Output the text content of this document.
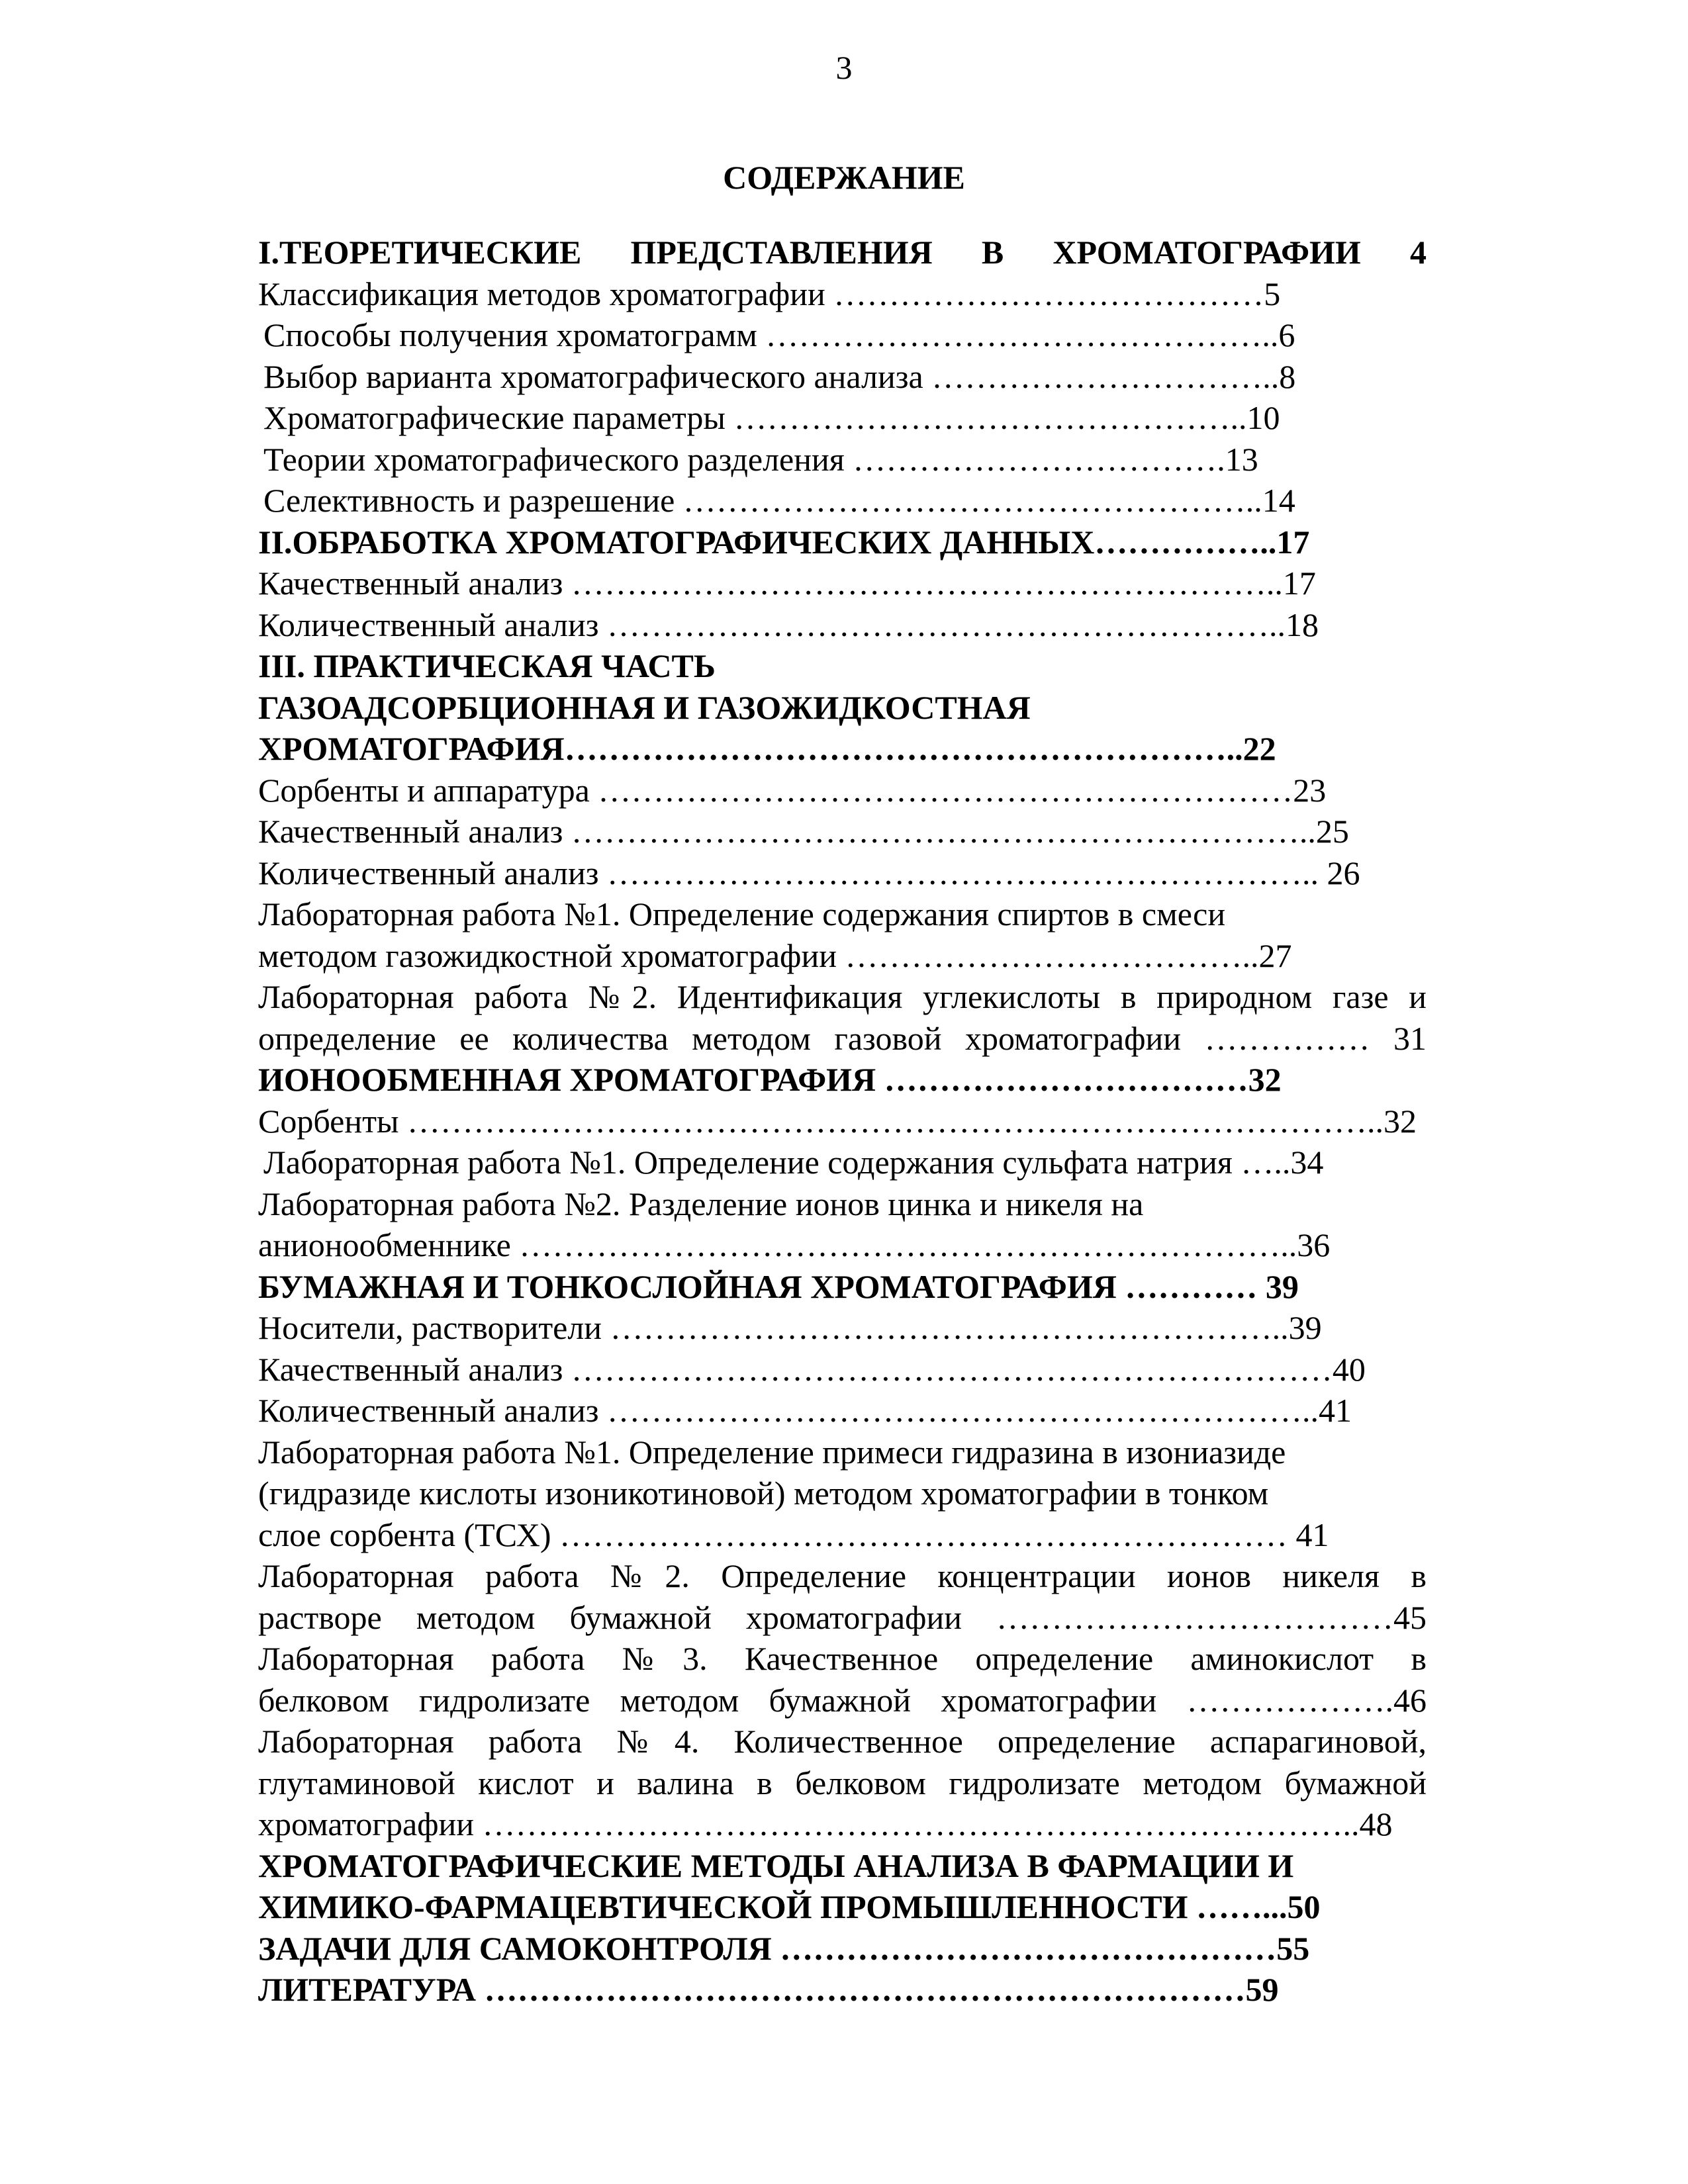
3
СОДЕРЖАНИЕ
I.ТЕОРЕТИЧЕСКИЕ ПРЕДСТАВЛЕНИЯ В ХРОМАТОГРАФИИ 4
Классификация методов хроматографии …………………………………5
Способы получения хроматограмм ………………………………………..6
Выбор варианта хроматографического анализа …………………………..8
Хроматографические параметры ………………………………………..10
Теории хроматографического разделения …………………………….13
Селективность и разрешение ……………………………………………..14
II.ОБРАБОТКА ХРОМАТОГРАФИЧЕСКИХ ДАННЫХ……………..17
Качественный анализ ………………………………………………………..17
Количественный анализ ……………………………………………………..18
III. ПРАКТИЧЕСКАЯ ЧАСТЬ
ГАЗОАДСОРБЦИОННАЯ И ГАЗОЖИДКОСТНАЯ
ХРОМАТОГРАФИЯ……………………………………………………..22
Сорбенты и аппаратура ………………………………………………………23
Качественный анализ …………………………………………………………..25
Количественный анализ ……………………………………………………….. 26
Лабораторная работа №1. Определение содержания спиртов в смеси
методом газожидкостной хроматографии ………………………………..27
Лабораторная работа №2. Идентификация углекислоты в природном газе и
определение ее количества методом газовой хроматографии …………… 31
ИОНООБМЕННАЯ ХРОМАТОГРАФИЯ ……………………………32
Сорбенты ……………………………………………………………………………..32
Лабораторная работа №1. Определение содержания сульфата натрия …..34
Лабораторная работа №2. Разделение ионов цинка и никеля на
анионообменнике ……………………………………………………………..36
БУМАЖНАЯ И ТОНКОСЛОЙНАЯ ХРОМАТОГРАФИЯ ………… 39
Носители, растворители ……………………………………………………..39
Качественный анализ ……………………………………………………………40
Количественный анализ ………………………………………………………..41
Лабораторная работа №1. Определение примеси гидразина в изониазиде
(гидразиде кислоты изоникотиновой) методом хроматографии в тонком
слое сорбента (ТСХ) ………………………………………………………… 41
Лабораторная работа №2. Определение концентрации ионов никеля в
растворе методом бумажной хроматографии ………………………………45
Лабораторная работа №3. Качественное определение аминокислот в
белковом гидролизате методом бумажной хроматографии ……………….46
Лабораторная работа №4. Количественное определение аспарагиновой,
глутаминовой кислот и валина в белковом гидролизате методом бумажной
хроматографии ……………………………………………………………………..48
ХРОМАТОГРАФИЧЕСКИЕ МЕТОДЫ АНАЛИЗА В ФАРМАЦИИ И
ХИМИКО-ФАРМАЦЕВТИЧЕСКОЙ ПРОМЫШЛЕННОСТИ ……...50
ЗАДАЧИ ДЛЯ САМОКОНТРОЛЯ ………………………………………55
ЛИТЕРАТУРА ……………………………………………………………59
